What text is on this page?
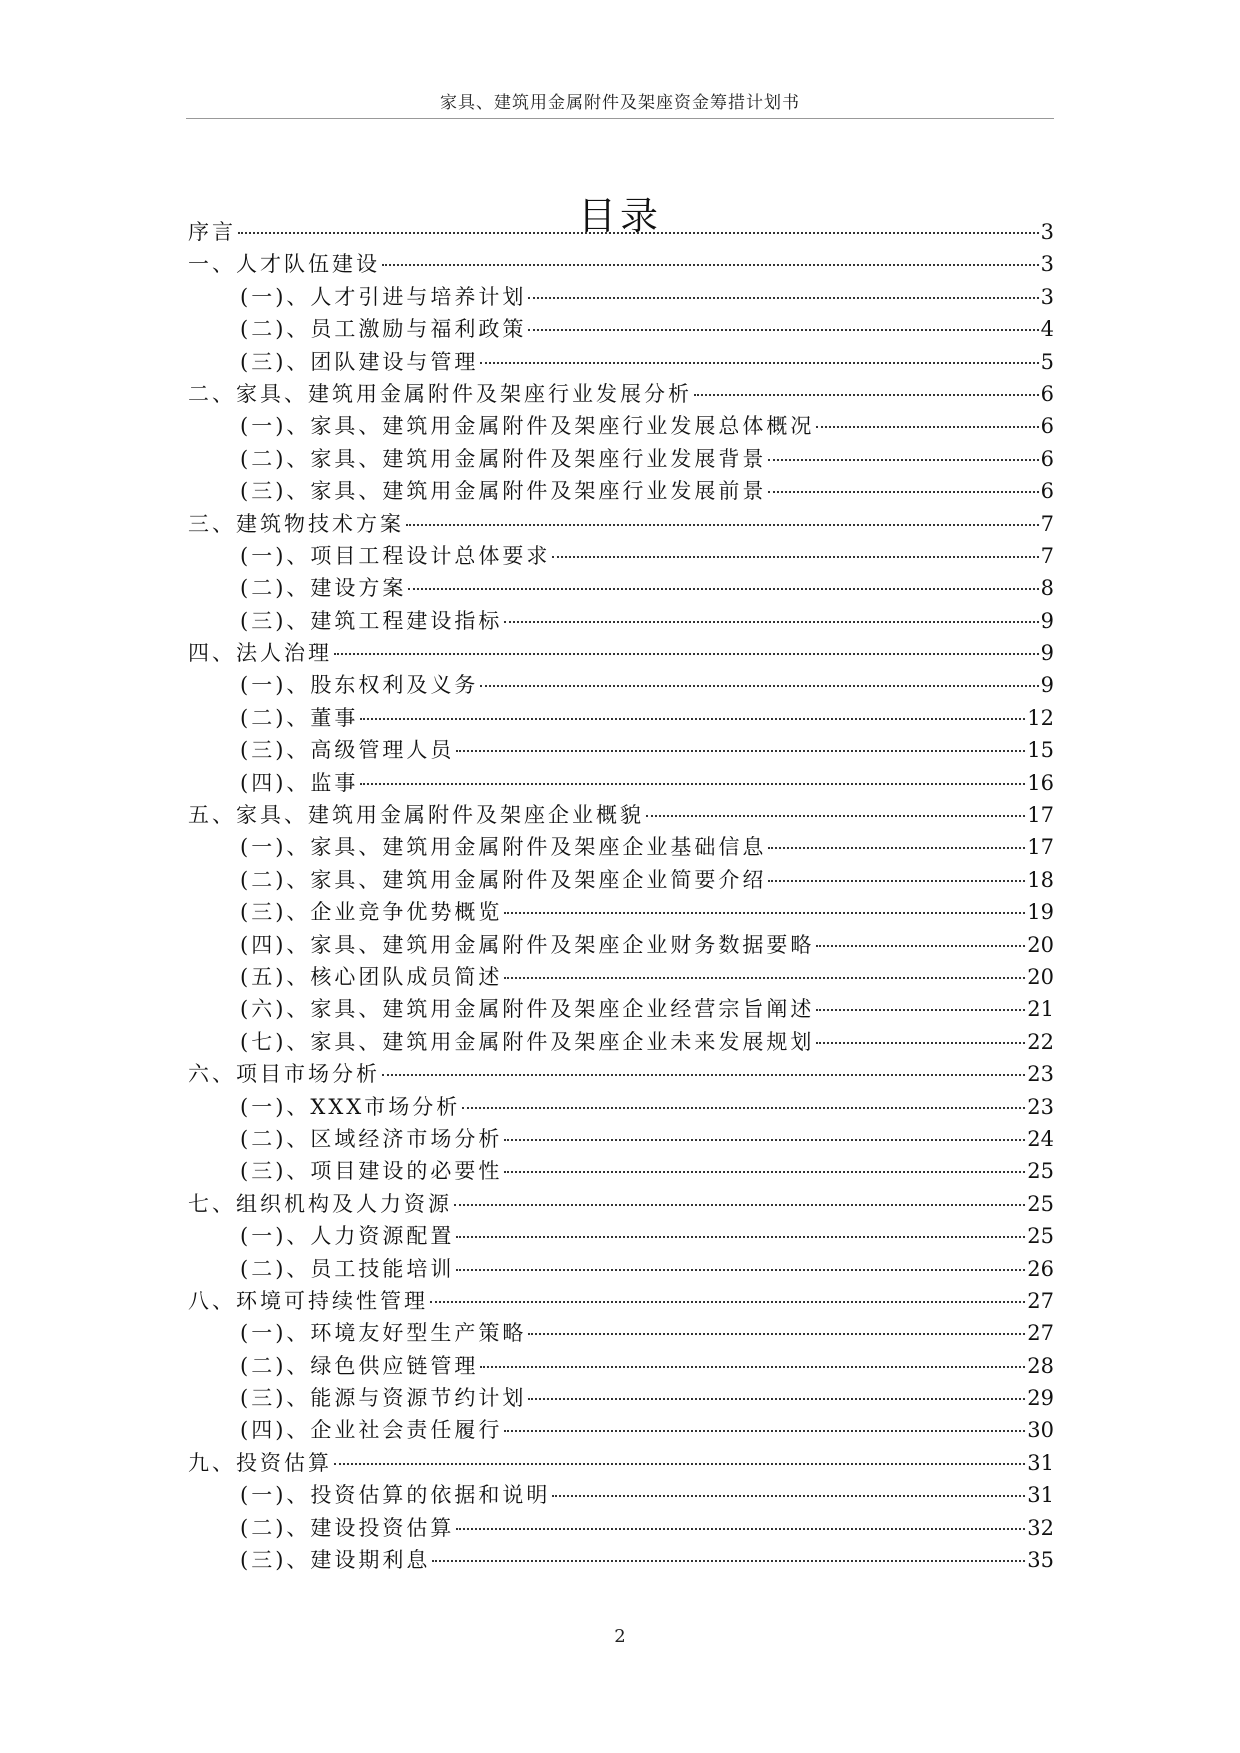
家具、建筑用金属附件及架座资金筹措计划书
目录
序言	3
一、人才队伍建设	3
(一)、人才引进与培养计划	3
(二)、员工激励与福利政策	4
(三)、团队建设与管理	5
二、家具、建筑用金属附件及架座行业发展分析	6
(一)、家具、建筑用金属附件及架座行业发展总体概况	6
(二)、家具、建筑用金属附件及架座行业发展背景	6
(三)、家具、建筑用金属附件及架座行业发展前景	6
三、建筑物技术方案	7
(一)、项目工程设计总体要求	7
(二)、建设方案	8
(三)、建筑工程建设指标	9
四、法人治理	9
(一)、股东权利及义务	9
(二)、董事	12
(三)、高级管理人员	15
(四)、监事	16
五、家具、建筑用金属附件及架座企业概貌	17
(一)、家具、建筑用金属附件及架座企业基础信息	17
(二)、家具、建筑用金属附件及架座企业简要介绍	18
(三)、企业竞争优势概览	19
(四)、家具、建筑用金属附件及架座企业财务数据要略	20
(五)、核心团队成员简述	20
(六)、家具、建筑用金属附件及架座企业经营宗旨阐述	21
(七)、家具、建筑用金属附件及架座企业未来发展规划	22
六、项目市场分析	23
(一)、XXX市场分析	23
(二)、区域经济市场分析	24
(三)、项目建设的必要性	25
七、组织机构及人力资源	25
(一)、人力资源配置	25
(二)、员工技能培训	26
八、环境可持续性管理	27
(一)、环境友好型生产策略	27
(二)、绿色供应链管理	28
(三)、能源与资源节约计划	29
(四)、企业社会责任履行	30
九、投资估算	31
(一)、投资估算的依据和说明	31
(二)、建设投资估算	32
(三)、建设期利息	35
2
